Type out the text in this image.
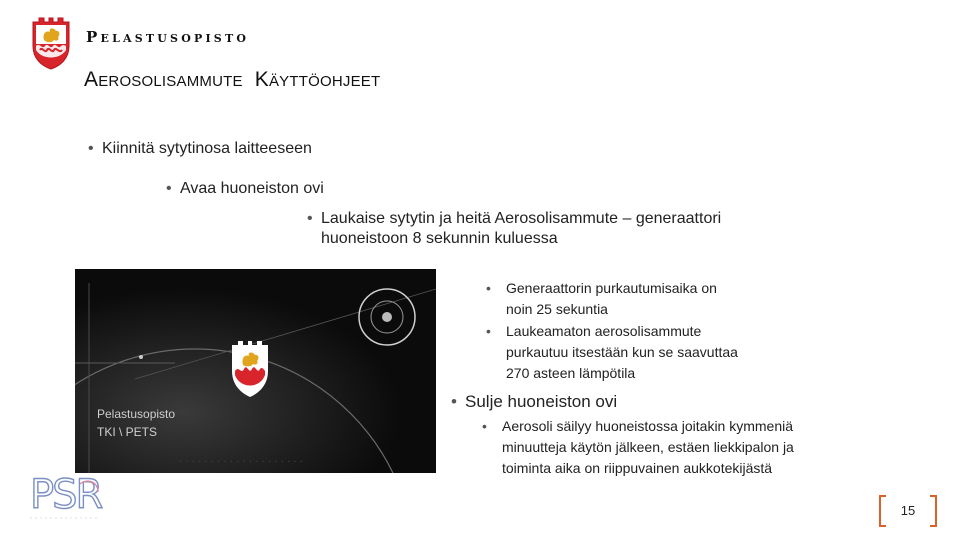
Pelastusopisto
Aerosolisammute  Käyttöohjeet
• Kiinnitä sytytinosa laitteeseen
• Avaa huoneiston ovi
• Laukaise sytytin ja heitä Aerosolisammute – generaattori
huoneistoon 8 sekunnin kuluessa
• Generaattorin purkautumisaika on
noin 25 sekuntia
• Laukeamaton aerosolisammute
purkautuu itsestään kun se saavuttaa
270 asteen lämpötila
• Sulje huoneiston ovi
• Aerosoli säilyy huoneistossa joitakin kymmeniä
minuutteja käytön jälkeen, estäen liekkipalon ja
toiminta aika on riippuvainen aukkotekijästä
· · · · · · · · · · · · · · · · · · · ·
Pelastusopisto
TKI \ PETS
PSR	15
